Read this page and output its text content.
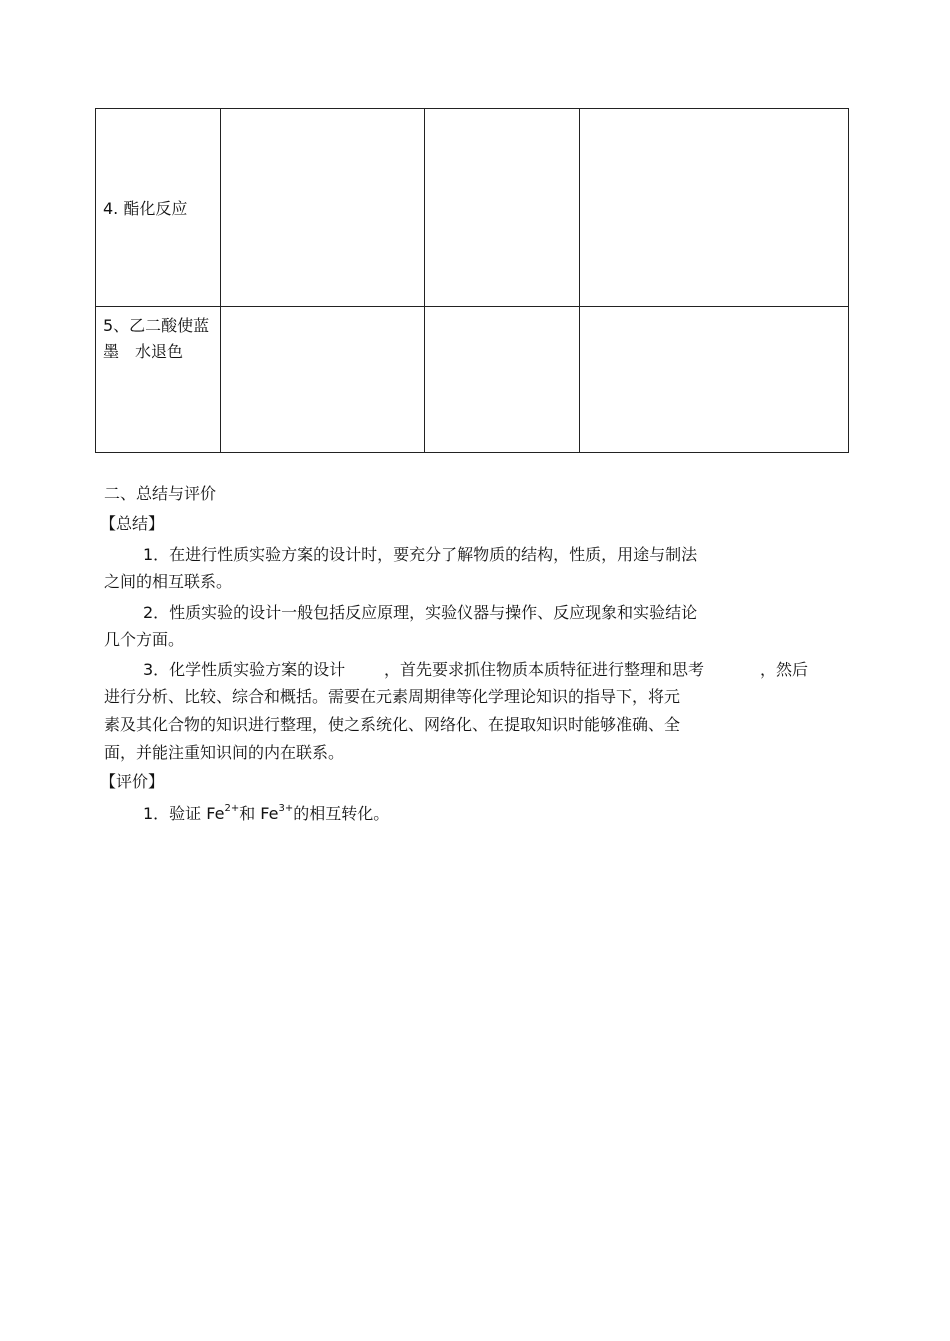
4. 酯化反应			

5、乙二酸使蓝墨　水退色			

二、总结与评价
【总结】
1．在进行性质实验方案的设计时，要充分了解物质的结构，性质，用途与制法
之间的相互联系。
2．性质实验的设计一般包括反应原理，实验仪器与操作、反应现象和实验结论
几个方面。
3．化学性质实验方案的设计 ，首先要求抓住物质本质特征进行整理和思考	，然后
进行分析、比较、综合和概括。需要在元素周期律等化学理论知识的指导下，将元
素及其化合物的知识进行整理，使之系统化、网络化、在提取知识时能够准确、全
面，并能注重知识间的内在联系。
【评价】
1．验证 $Fe^{2+}$和 $Fe^{3+}$的相互转化。
